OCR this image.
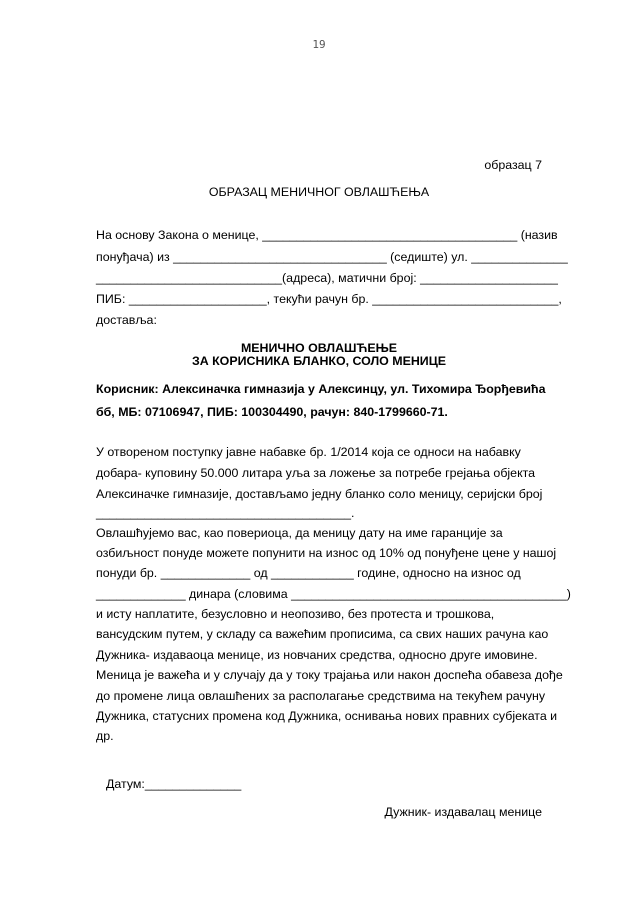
19
образац 7
ОБРАЗАЦ МЕНИЧНОГ ОВЛАШЋЕЊА
На основу Закона о менице, _____________________________________ (назив
понуђача) из _______________________________ (седиште) ул. ______________
___________________________(адреса), матични број: ____________________
ПИБ: ____________________, текући рачун бр. ___________________________,
доставља:
МЕНИЧНО ОВЛАШЋЕЊЕ
ЗА КОРИСНИКА БЛАНКО, СОЛО МЕНИЦЕ
Корисник: Алексиначка гимназија у Алексинцу, ул. Тихомира Ђорђевића
бб, МБ: 07106947, ПИБ: 100304490, рачун: 840-1799660-71.
У отвореном поступку јавне набавке бр. 1/2014 која се односи на набавку
добара- куповину 50.000 литара уља за ложење за потребе грејања објекта
Алексиначке гимназије, достављамо једну бланко соло меницу, серијски број
_____________________________________.
Овлашћујемо вас, као повериоца, да меницу дату на име гаранције за
озбиљност понуде можете попунити на износ од 10% од понуђене цене у нашој
понуди бр. _____________ од ____________ године, односно на износ од
_____________ динара (словима ________________________________________)
и исту наплатите, безусловно и неопозиво, без протеста и трошкова,
вансудским путем, у складу са важећим прописима, са свих наших рачуна као
Дужника- издаваоца менице, из новчаних средства, односно друге имовине.
Меница је важећа и у случају да у току трајања или након доспећа обавеза дође
до промене лица овлашћених за располагање средствима на текућем рачуну
Дужника, статусних промена код Дужника, оснивања нових правних субјеката и
др.
Датум:______________
Дужник- издавалац менице
